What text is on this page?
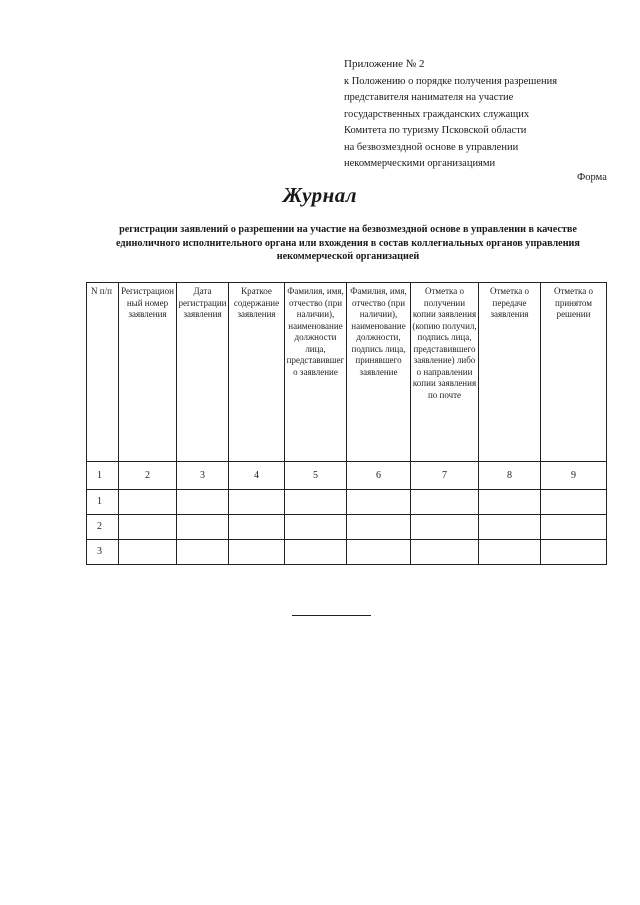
Приложение № 2
к Положению о порядке получения разрешения
представителя нанимателя на участие
государственных гражданских служащих
Комитета по туризму Псковской области
на безвозмездной основе в управлении
некоммерческими организациями
Форма
Журнал
регистрации заявлений о разрешении на участие на безвозмездной основе в управлении в качестве
единоличного исполнительного органа или вхождения в состав коллегиальных органов управления
некоммерческой организацией
N п/п	Регистрационный номер заявления	Дата регистрации заявления	Краткое содержание заявления	Фамилия, имя, отчество (при наличии), наименование должности лица, представившего заявление	Фамилия, имя, отчество (при наличии), наименование должности, подпись лица, принявшего заявление	Отметка о получении копии заявления (копию получил, подпись лица, представившего заявление) либо о направлении копии заявления по почте	Отметка о передаче заявления	Отметка о принятом решении
1	2	3	4	5	6	7	8	9
1								
2								
3								
